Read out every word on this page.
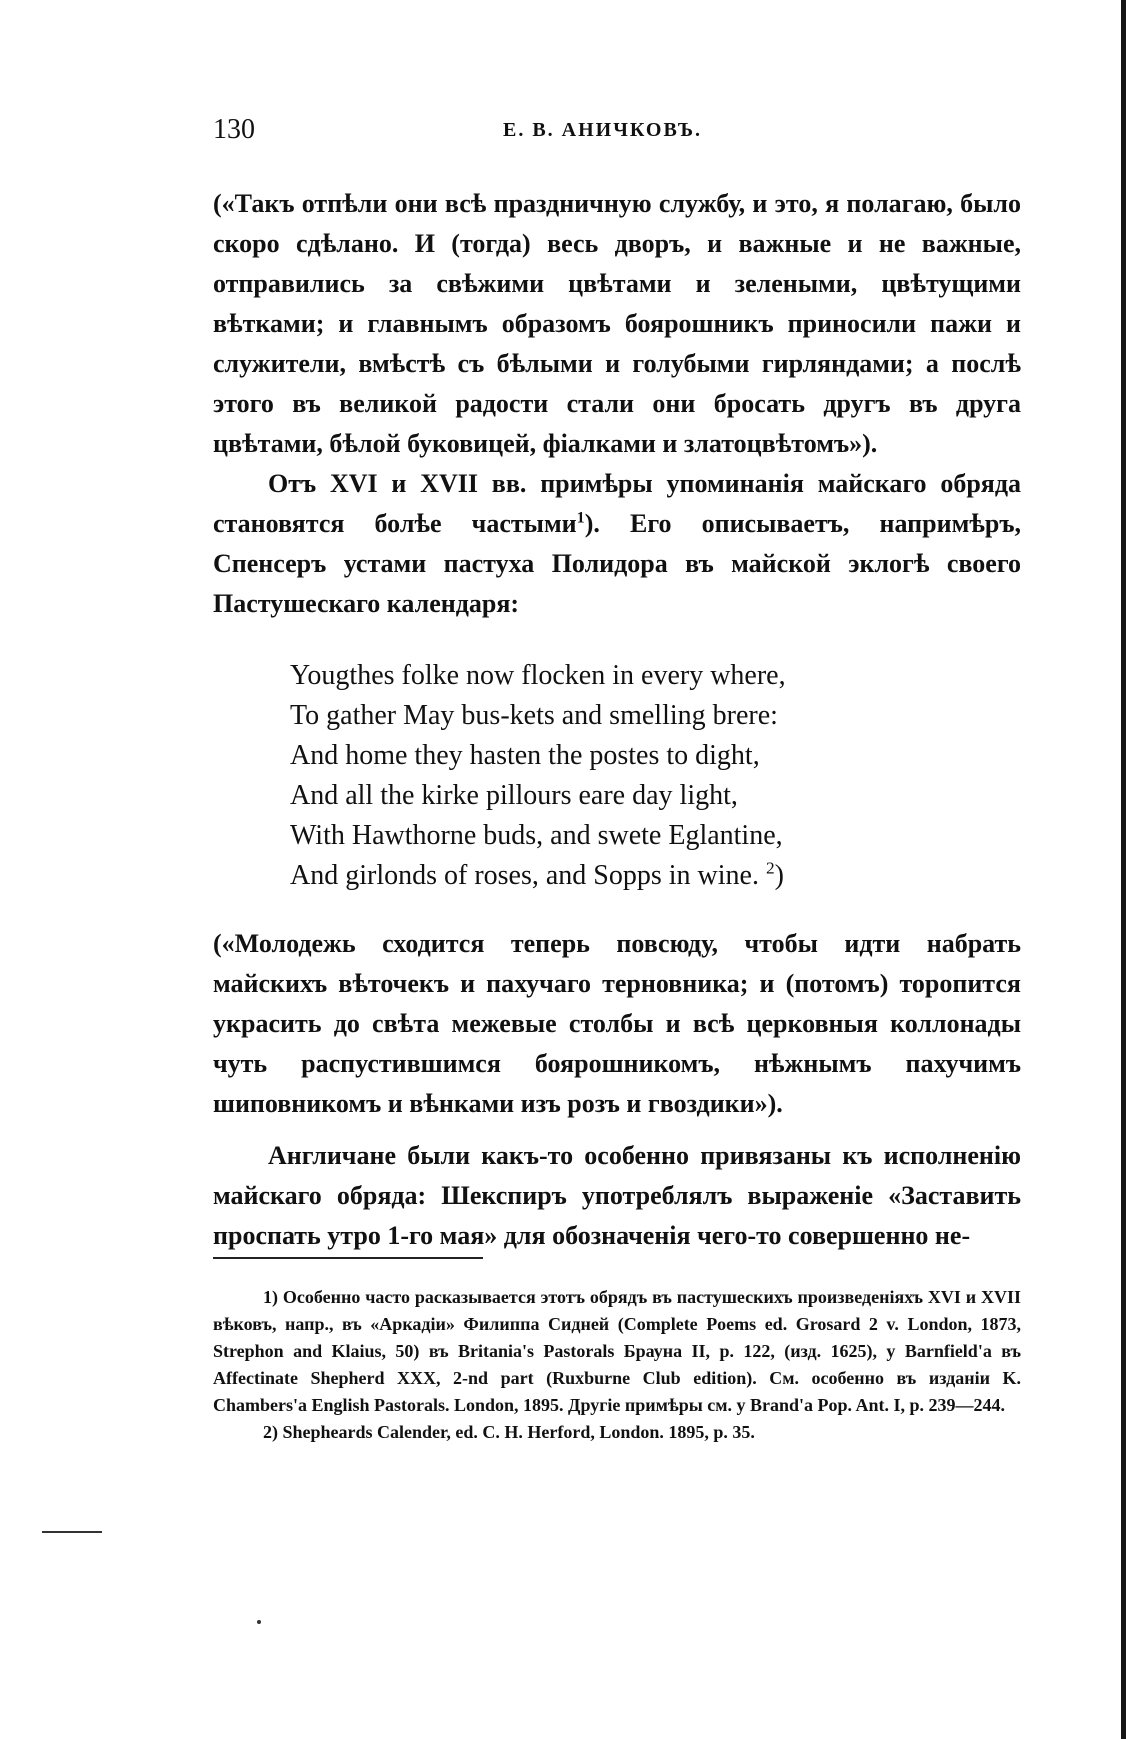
130	Е. В. АНИЧКОВЪ.

(«Такъ отпѣли они всѣ праздничную службу, и это, я полагаю, было скоро сдѣлано. И (тогда) весь дворъ, и важные и не важные, отправились за свѣжими цвѣтами и зелеными, цвѣтущими вѣтками; и главнымъ образомъ боярошникъ приносили пажи и служители, вмѣстѣ съ бѣлыми и голубыми гирляндами; а послѣ этого въ великой радости стали они бросать другъ въ друга цвѣтами, бѣлой буковицей, фіалками и златоцвѣтомъ»).

Отъ XVI и XVII вв. примѣры упоминанія майскаго обряда становятся болѣе частыми$^1$). Его описываетъ, напримѣръ, Спенсеръ устами пастуха Полидора въ майской эклогѣ своего Пастушескаго календаря:

Yougthes folke now flocken in every where,
To gather May bus-kets and smelling brere:
And home they hasten the postes to dight,
And all the kirke pillours eare day light,
With Hawthorne buds, and swete Eglantine,
And girlonds of roses, and Sopps in wine. $^2$)

(«Молодежь сходится теперь повсюду, чтобы идти набрать майскихъ вѣточекъ и пахучаго терновника; и (потомъ) торопится украсить до свѣта межевые столбы и всѣ церковныя коллонады чуть распустившимся боярошникомъ, нѣжнымъ пахучимъ шиповникомъ и вѣнками изъ розъ и гвоздики»).

Англичане были какъ-то особенно привязаны къ исполненію майскаго обряда: Шекспиръ употреблялъ выраженіе «Заставить проспать утро 1-го мая» для обозначенія чего-то совершенно не-

1) Особенно часто расказывается этотъ обрядъ въ пастушескихъ произведеніяхъ XVI и XVII вѣковъ, напр., въ «Аркадіи» Филиппа Сидней (Complete Poems ed. Grosard 2 v. London, 1873, Strephon and Klaius, 50) въ Britania's Pastorals Брауна II, p. 122, (изд. 1625), у Barnfield'a въ Affectinate Shepherd XXX, 2-nd part (Ruxburne Club edition). См. особенно въ изданіи K. Chambers'a English Pastorals. London, 1895. Другіе примѣры см. у Brand'a Pop. Ant. I, p. 239—244.

2) Shepheards Calender, ed. C. H. Herford, London. 1895, p. 35.
